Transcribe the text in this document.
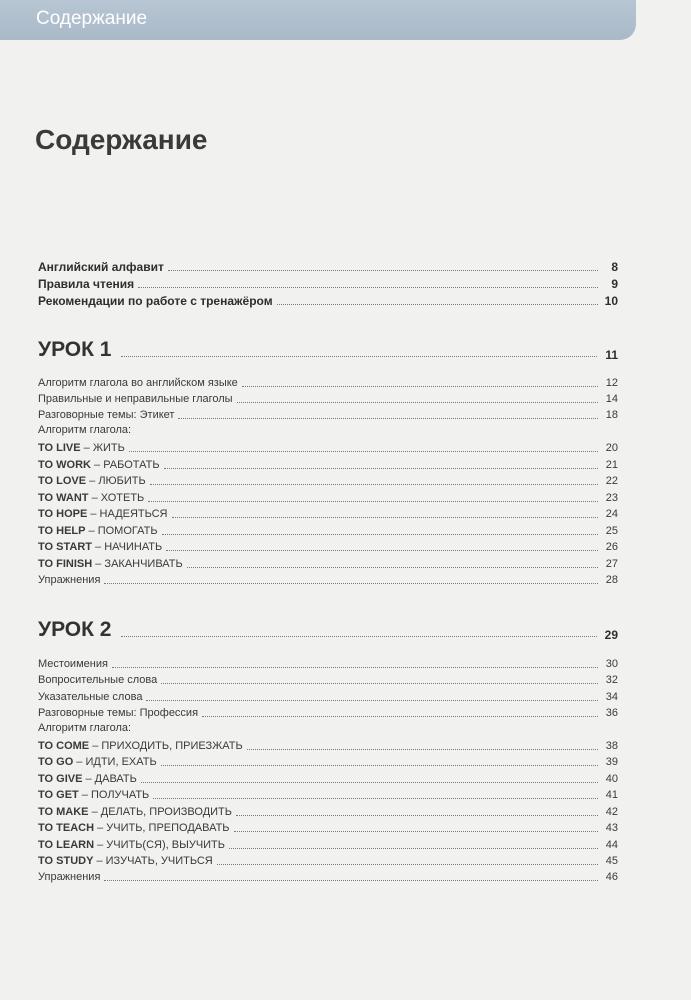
Содержание
Содержание
Английский алфавит	8
Правила чтения	9
Рекомендации по работе с тренажёром	10
УРОК 1	11
Алгоритм глагола во английском языке	12
Правильные и неправильные глаголы	14
Разговорные темы: Этикет	18
Алгоритм глагола:
TO LIVE – ЖИТЬ	20
TO WORK – РАБОТАТЬ	21
TO LOVE – ЛЮБИТЬ	22
TO WANT – ХОТЕТЬ	23
TO HOPE – НАДЕЯТЬСЯ	24
TO HELP – ПОМОГАТЬ	25
TO START – НАЧИНАТЬ	26
TO FINISH – ЗАКАНЧИВАТЬ	27
Упражнения	28
УРОК 2	29
Местоимения	30
Вопросительные слова	32
Указательные слова	34
Разговорные темы: Профессия	36
Алгоритм глагола:
TO COME – ПРИХОДИТЬ, ПРИЕЗЖАТЬ	38
TO GO – ИДТИ, ЕХАТЬ	39
TO GIVE – ДАВАТЬ	40
TO GET – ПОЛУЧАТЬ	41
TO MAKE – ДЕЛАТЬ, ПРОИЗВОДИТЬ	42
TO TEACH – УЧИТЬ, ПРЕПОДАВАТЬ	43
TO LEARN – УЧИТЬ(СЯ), ВЫУЧИТЬ	44
TO STUDY – ИЗУЧАТЬ, УЧИТЬСЯ	45
Упражнения	46
